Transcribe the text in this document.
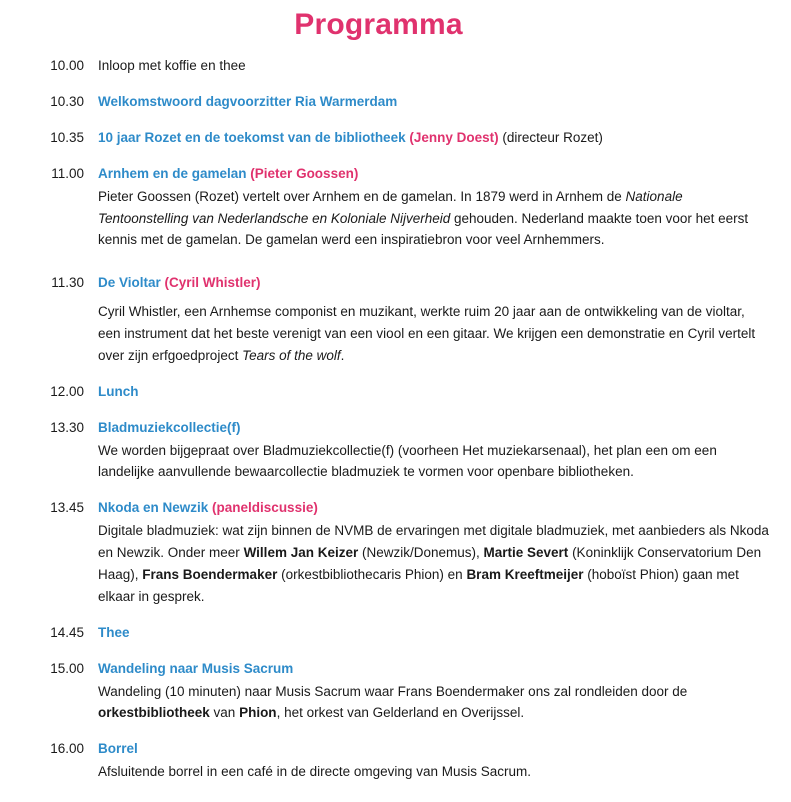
Programma
10.00	Inloop met koffie en thee
10.30	Welkomstwoord dagvoorzitter Ria Warmerdam
10.35	10 jaar Rozet en de toekomst van de bibliotheek (Jenny Doest) (directeur Rozet)
11.00	Arnhem en de gamelan (Pieter Goossen)
Pieter Goossen (Rozet) vertelt over Arnhem en de gamelan. In 1879 werd in Arnhem de Nationale Tentoonstelling van Nederlandsche en Koloniale Nijverheid gehouden. Nederland maakte toen voor het eerst kennis met de gamelan. De gamelan werd een inspiratiebron voor veel Arnhemmers.
11.30	De Violtar (Cyril Whistler)
Cyril Whistler, een Arnhemse componist en muzikant, werkte ruim 20 jaar aan de ontwikkeling van de violtar, een instrument dat het beste verenigt van een viool en een gitaar. We krijgen een demonstratie en Cyril vertelt over zijn erfgoedproject Tears of the wolf.
12.00	Lunch
13.30	Bladmuziekcollectie(f)
We worden bijgepraat over Bladmuziekcollectie(f) (voorheen Het muziekarsenaal), het plan een om een landelijke aanvullende bewaarcollectie bladmuziek te vormen voor openbare bibliotheken.
13.45	Nkoda en Newzik (paneldiscussie)
Digitale bladmuziek: wat zijn binnen de NVMB de ervaringen met digitale bladmuziek, met aanbieders als Nkoda en Newzik. Onder meer Willem Jan Keizer (Newzik/Donemus), Martie Severt (Koninklijk Conservatorium Den Haag), Frans Boendermaker (orkestbibliothecaris Phion) en Bram Kreeftmeijer (hoboïst Phion) gaan met elkaar in gesprek.
14.45	Thee
15.00	Wandeling naar Musis Sacrum
Wandeling (10 minuten) naar Musis Sacrum waar Frans Boendermaker ons zal rondleiden door de orkestbibliotheek van Phion, het orkest van Gelderland en Overijssel.
16.00	Borrel
Afsluitende borrel in een café in de directe omgeving van Musis Sacrum.
